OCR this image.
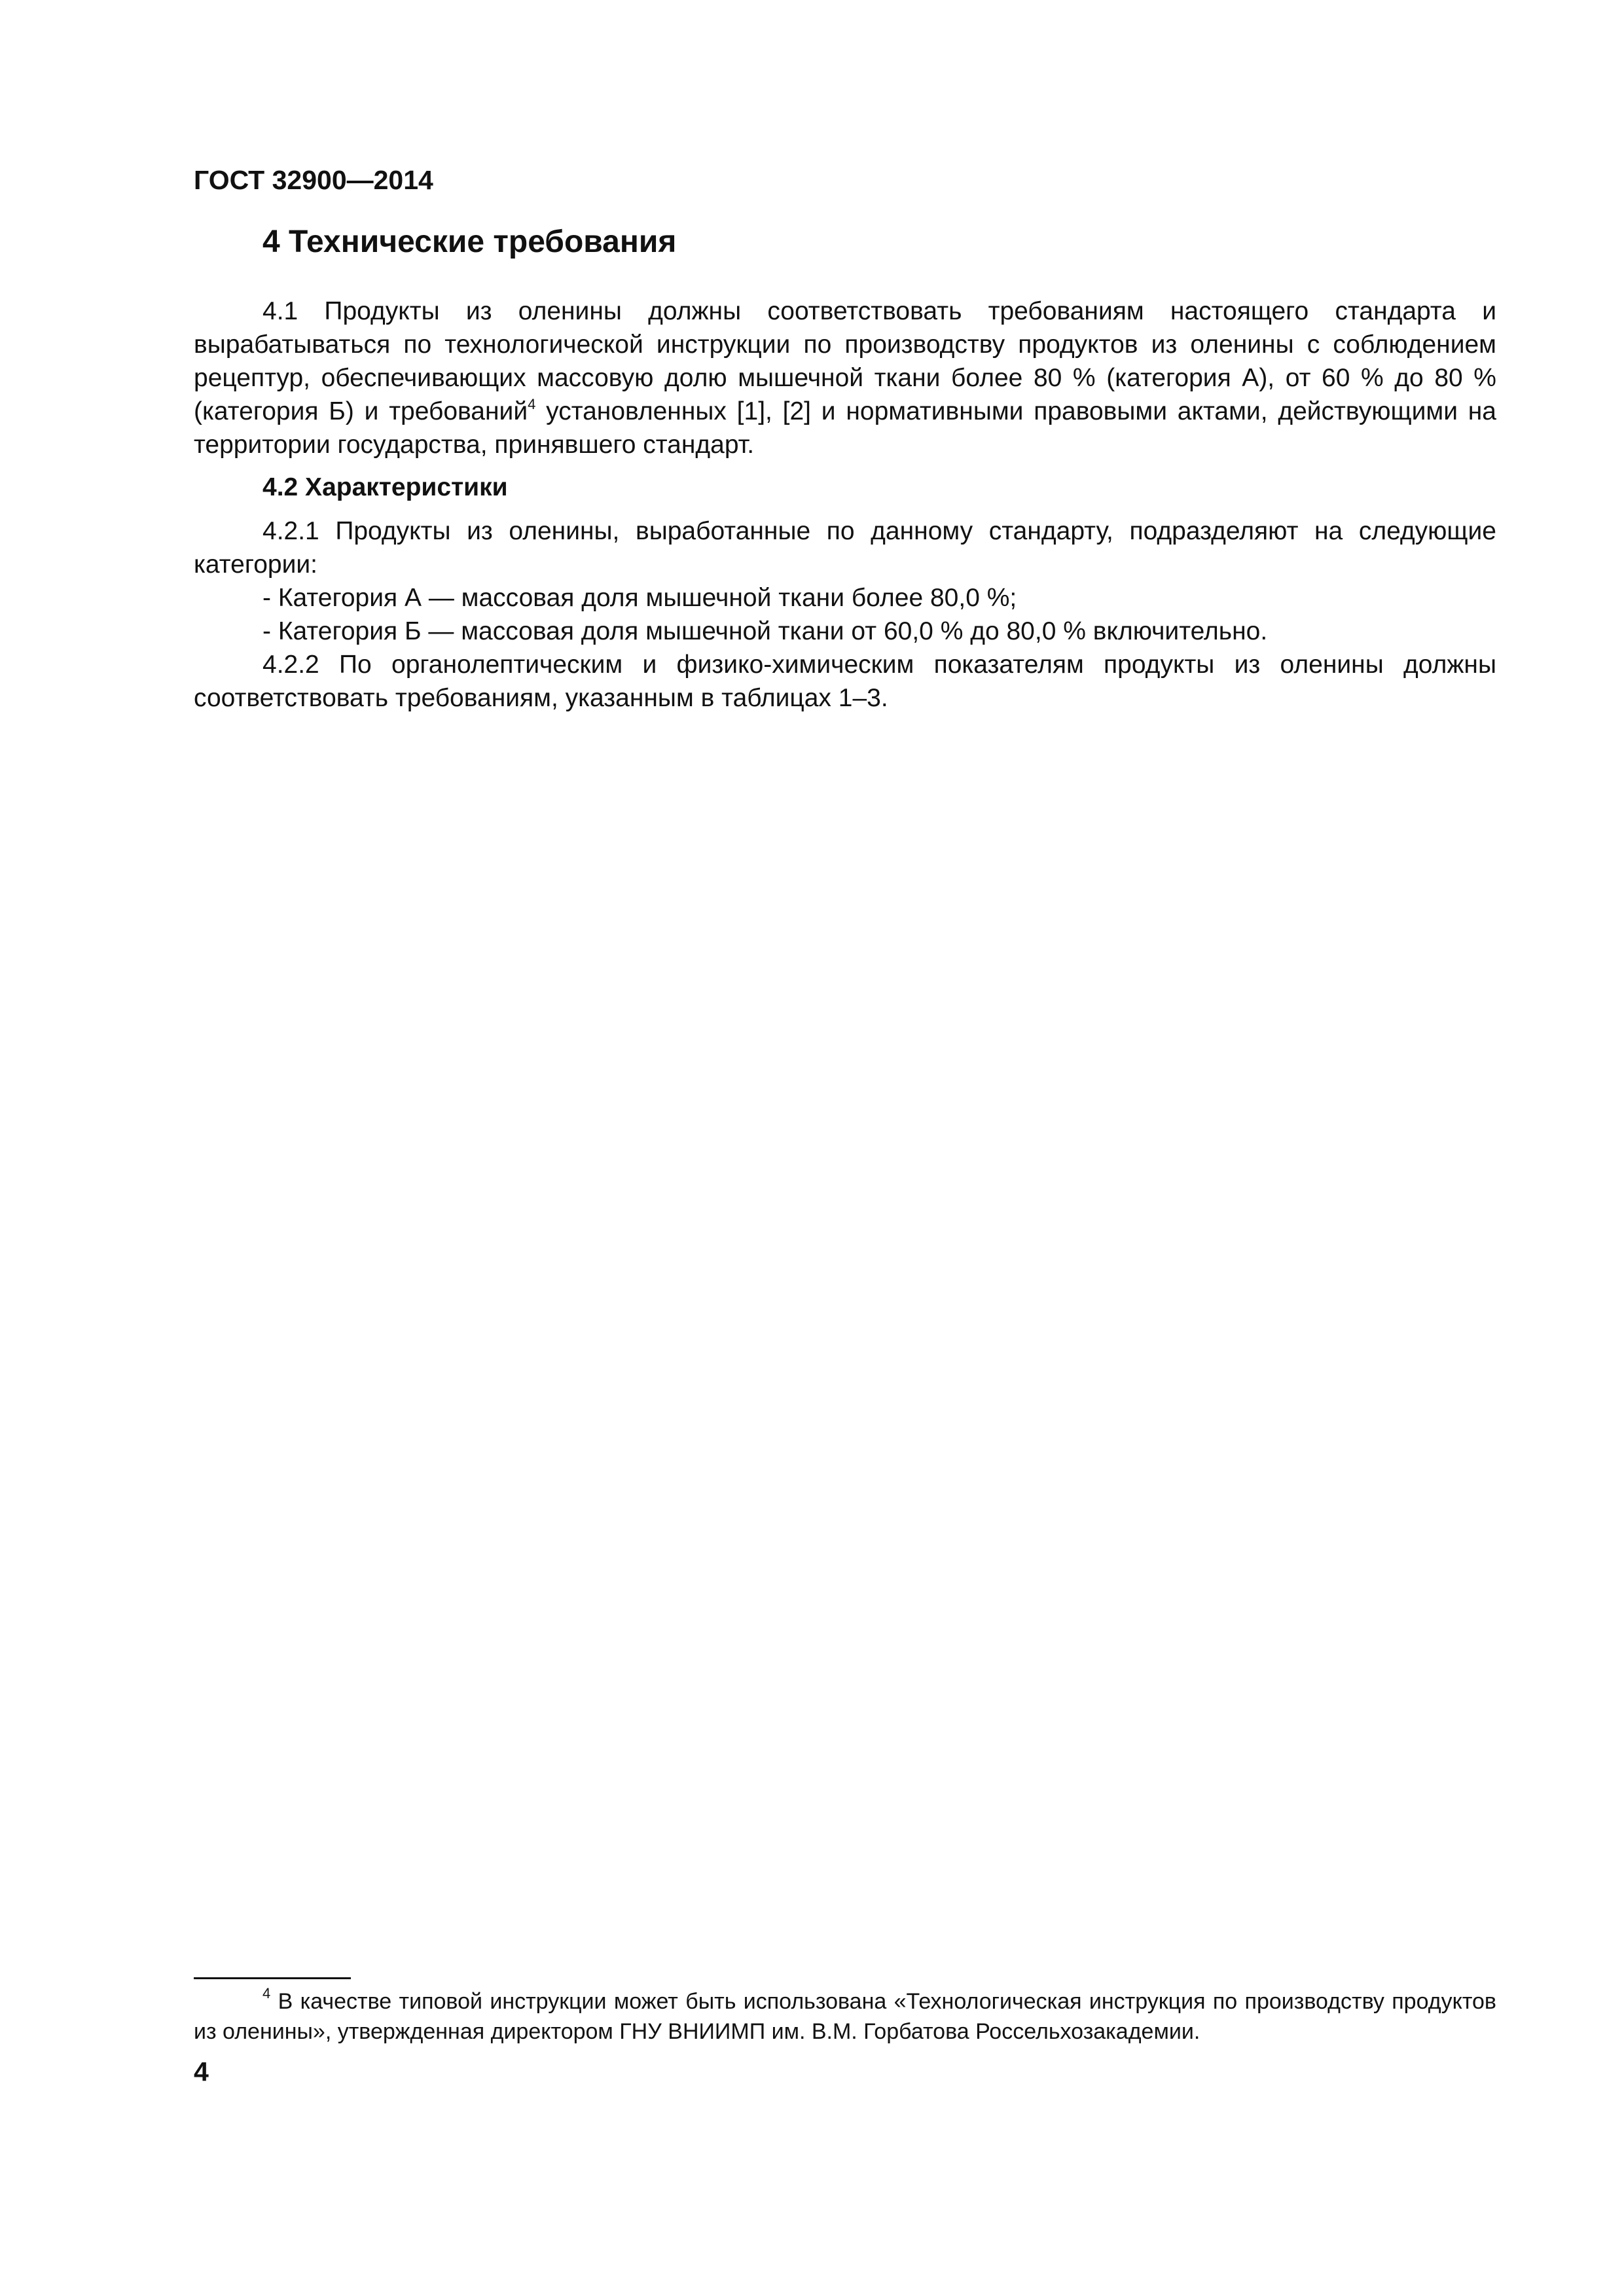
ГОСТ 32900—2014
4 Технические требования

4.1 Продукты из оленины должны соответствовать требованиям настоящего стандарта и вырабатываться по технологической инструкции по производству продуктов из оленины с соблюдением рецептур, обеспечивающих массовую долю мышечной ткани более 80 % (категория А), от 60 % до 80 % (категория Б) и требований$^4$ установленных [1], [2] и нормативными правовыми актами, действующими на территории государства, принявшего стандарт.

4.2 Характеристики

4.2.1 Продукты из оленины, выработанные по данному стандарту, подразделяют на следующие категории:

- Категория А — массовая доля мышечной ткани более 80,0 %;

- Категория Б — массовая доля мышечной ткани от 60,0 % до 80,0 % включительно.

4.2.2 По органолептическим и физико-химическим показателям продукты из оленины должны соответствовать требованиям, указанным в таблицах 1–3.

$^4$ В качестве типовой инструкции может быть использована «Технологическая инструкция по производству продуктов из оленины», утвержденная директором ГНУ ВНИИМП им. В.М. Горбатова Россельхозакадемии.
4
